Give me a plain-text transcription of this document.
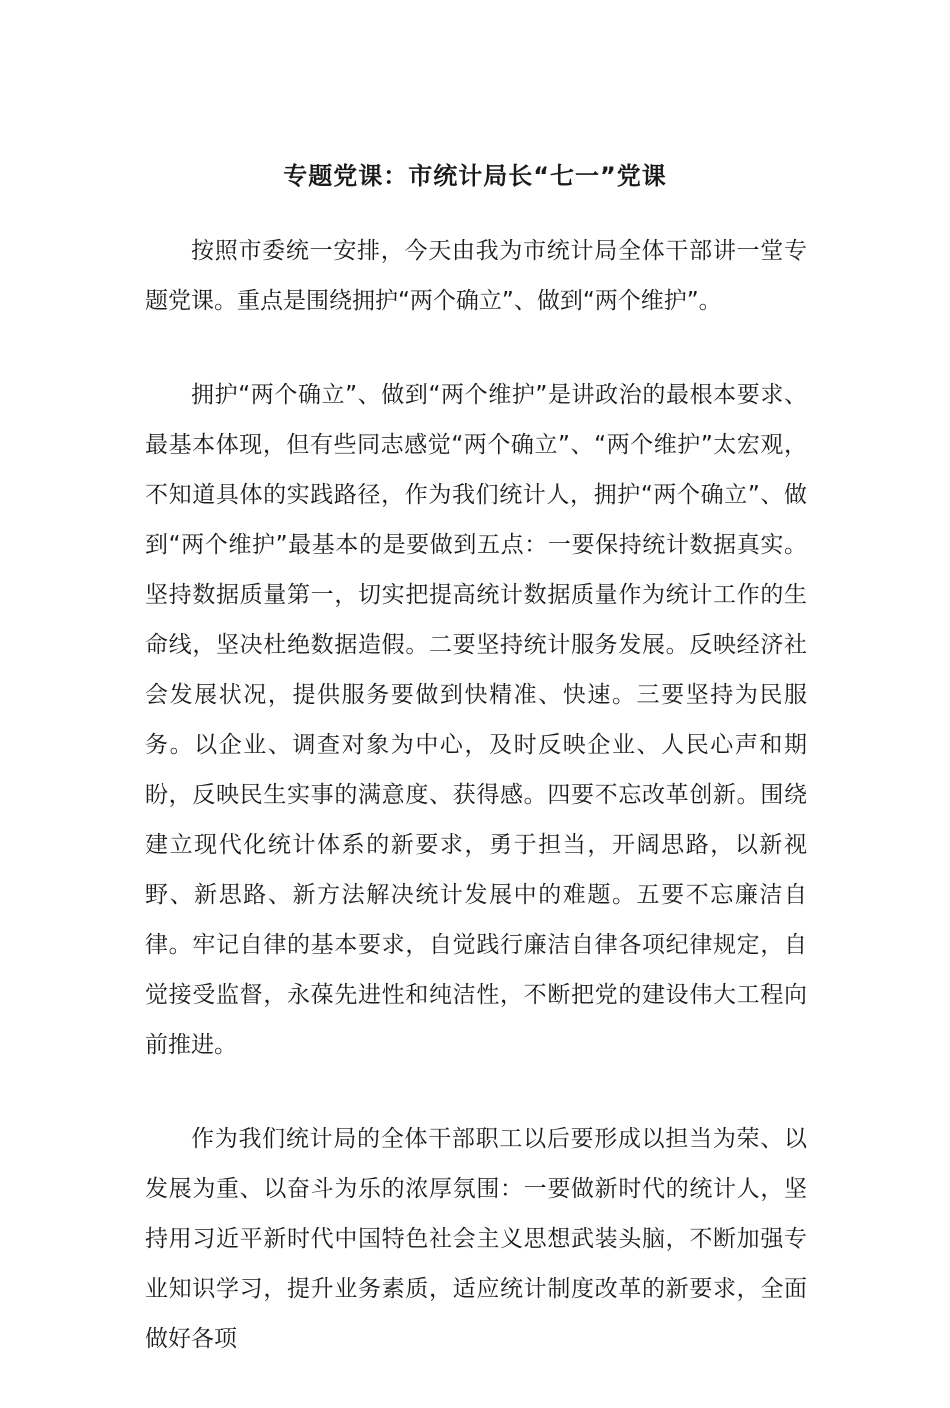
专题党课：市统计局长“七一”党课

按照市委统一安排，今天由我为市统计局全体干部讲一堂专题党课。重点是围绕拥护“两个确立”、做到“两个维护”。

拥护“两个确立”、做到“两个维护”是讲政治的最根本要求、最基本体现，但有些同志感觉“两个确立”、“两个维护”太宏观，不知道具体的实践路径，作为我们统计人，拥护“两个确立”、做到“两个维护”最基本的是要做到五点：一要保持统计数据真实。坚持数据质量第一，切实把提高统计数据质量作为统计工作的生命线，坚决杜绝数据造假。二要坚持统计服务发展。反映经济社会发展状况，提供服务要做到快精准、快速。三要坚持为民服务。以企业、调查对象为中心，及时反映企业、人民心声和期盼，反映民生实事的满意度、获得感。四要不忘改革创新。围绕建立现代化统计体系的新要求，勇于担当，开阔思路，以新视野、新思路、新方法解决统计发展中的难题。五要不忘廉洁自律。牢记自律的基本要求，自觉践行廉洁自律各项纪律规定，自觉接受监督，永葆先进性和纯洁性，不断把党的建设伟大工程向前推进。

作为我们统计局的全体干部职工以后要形成以担当为荣、以发展为重、以奋斗为乐的浓厚氛围：一要做新时代的统计人，坚持用习近平新时代中国特色社会主义思想武装头脑，不断加强专业知识学习，提升业务素质，适应统计制度改革的新要求，全面做好各项
